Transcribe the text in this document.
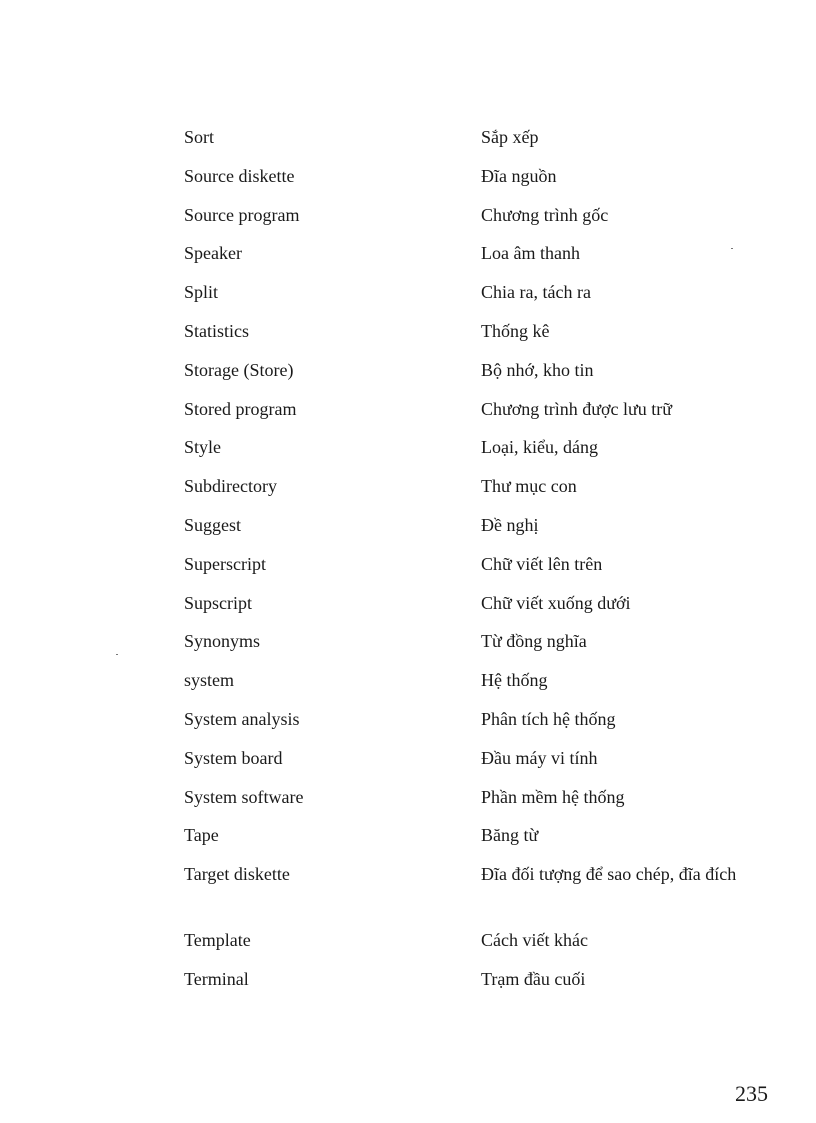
Sort	Sắp xếp
Source diskette	Đĩa nguồn
Source program	Chương trình gốc
Speaker	Loa âm thanh
Split	Chia ra, tách ra
Statistics	Thống kê
Storage (Store)	Bộ nhớ, kho tin
Stored program	Chương trình được lưu trữ
Style	Loại, kiểu, dáng
Subdirectory	Thư mục con
Suggest	Đề nghị
Superscript	Chữ viết lên trên
Supscript	Chữ viết xuống dưới
Synonyms	Từ đồng nghĩa
system	Hệ thống
System analysis	Phân tích hệ thống
System board	Đầu máy vi tính
System software	Phần mềm hệ thống
Tape	Băng từ
Target diskette	Đĩa đối tượng để sao chép, đĩa đích
Template	Cách viết khác
Terminal	Trạm đầu cuối
235
